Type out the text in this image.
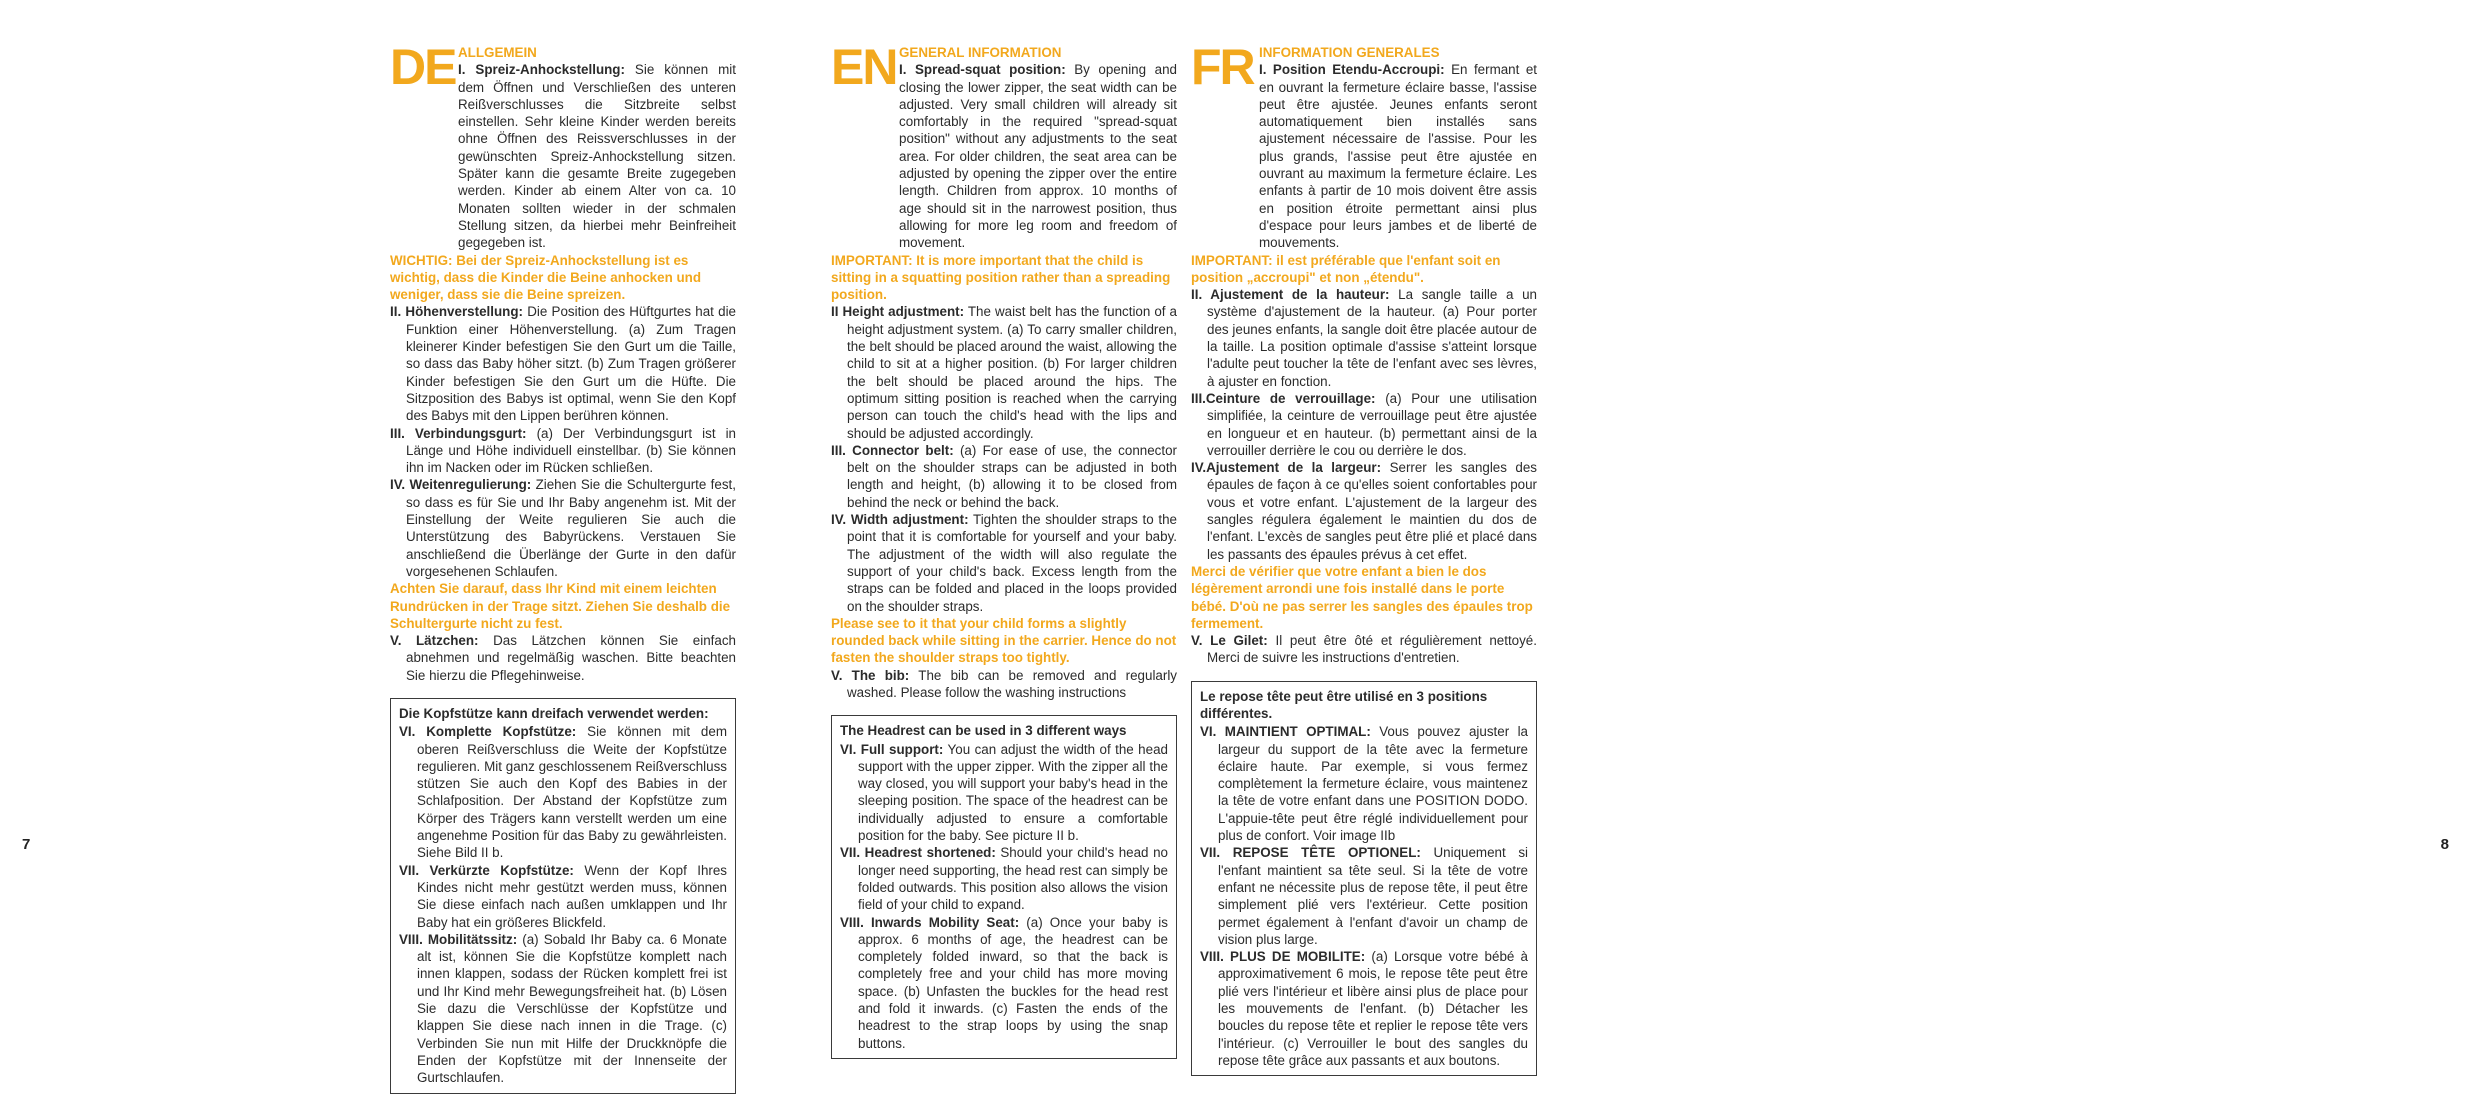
DE ALLGEMEIN

I. Spreiz-Anhockstellung: Sie können mit dem Öffnen und Verschließen des unteren Reißverschlusses die Sitzbreite selbst einstellen. Sehr kleine Kinder werden bereits ohne Öffnen des Reissverschlusses in der gewünschten Spreiz-Anhockstellung sitzen. Später kann die gesamte Breite zugegeben werden. Kinder ab einem Alter von ca. 10 Monaten sollten wieder in der schmalen Stellung sitzen, da hierbei mehr Beinfreiheit gegegeben ist.

WICHTIG: Bei der Spreiz-Anhockstellung ist es wichtig, dass die Kinder die Beine anhocken und weniger, dass sie die Beine spreizen.

II. Höhenverstellung: Die Position des Hüftgurtes hat die Funktion einer Höhenverstellung. (a) Zum Tragen kleinerer Kinder befestigen Sie den Gurt um die Taille, so dass das Baby höher sitzt. (b) Zum Tragen größerer Kinder befestigen Sie den Gurt um die Hüfte. Die Sitzposition des Babys ist optimal, wenn Sie den Kopf des Babys mit den Lippen berühren können.

III. Verbindungsgurt: (a) Der Verbindungsgurt ist in Länge und Höhe individuell einstellbar. (b) Sie können ihn im Nacken oder im Rücken schließen.

IV. Weitenregulierung: Ziehen Sie die Schultergurte fest, so dass es für Sie und Ihr Baby angenehm ist. Mit der Einstellung der Weite regulieren Sie auch die Unterstützung des Babyrückens. Verstauen Sie anschließend die Überlänge der Gurte in den dafür vorgesehenen Schlaufen.

Achten Sie darauf, dass Ihr Kind mit einem leichten Rundrücken in der Trage sitzt. Ziehen Sie deshalb die Schultergurte nicht zu fest.

V. Lätzchen: Das Lätzchen können Sie einfach abnehmen und regelmäßig waschen. Bitte beachten Sie hierzu die Pflegehinweise.

Die Kopfstütze kann dreifach verwendet werden:

VI. Komplette Kopfstütze: Sie können mit dem oberen Reißverschluss die Weite der Kopfstütze regulieren. Mit ganz geschlossenem Reißverschluss stützen Sie auch den Kopf des Babies in der Schlafposition. Der Abstand der Kopfstütze zum Körper des Trägers kann verstellt werden um eine angenehme Position für das Baby zu gewährleisten. Siehe Bild II b.

VII. Verkürzte Kopfstütze: Wenn der Kopf Ihres Kindes nicht mehr gestützt werden muss, können Sie diese einfach nach außen umklappen und Ihr Baby hat ein größeres Blickfeld.

VIII. Mobilitätssitz: (a) Sobald Ihr Baby ca. 6 Monate alt ist, können Sie die Kopfstütze komplett nach innen klappen, sodass der Rücken komplett frei ist und Ihr Kind mehr Bewegungsfreiheit hat. (b) Lösen Sie dazu die Verschlüsse der Kopfstütze und klappen Sie diese nach innen in die Trage. (c) Verbinden Sie nun mit Hilfe der Druckknöpfe die Enden der Kopfstütze mit der Innenseite der Gurtschlaufen.

EN GENERAL INFORMATION

I. Spread-squat position: By opening and closing the lower zipper, the seat width can be adjusted. Very small children will already sit comfortably in the required "spread-squat position" without any adjustments to the seat area. For older children, the seat area can be adjusted by opening the zipper over the entire length. Children from approx. 10 months of age should sit in the narrowest position, thus allowing for more leg room and freedom of movement.

IMPORTANT: It is more important that the child is sitting in a squatting position rather than a spreading position.

II Height adjustment: The waist belt has the function of a height adjustment system. (a) To carry smaller children, the belt should be placed around the waist, allowing the child to sit at a higher position. (b) For larger children the belt should be placed around the hips. The optimum sitting position is reached when the carrying person can touch the child's head with the lips and should be adjusted accordingly.

III. Connector belt: (a) For ease of use, the connector belt on the shoulder straps can be adjusted in both length and height, (b) allowing it to be closed from behind the neck or behind the back.

IV. Width adjustment: Tighten the shoulder straps to the point that it is comfortable for yourself and your baby. The adjustment of the width will also regulate the support of your child's back. Excess length from the straps can be folded and placed in the loops provided on the shoulder straps.

Please see to it that your child forms a slightly rounded back while sitting in the carrier. Hence do not fasten the shoulder straps too tightly.

V. The bib: The bib can be removed and regularly washed. Please follow the washing instructions

The Headrest can be used in 3 different ways

VI. Full support: You can adjust the width of the head support with the upper zipper. With the zipper all the way closed, you will support your baby's head in the sleeping position. The space of the headrest can be individually adjusted to ensure a comfortable position for the baby. See picture II b.

VII. Headrest shortened: Should your child's head no longer need supporting, the head rest can simply be folded outwards. This position also allows the vision field of your child to expand.

VIII. Inwards Mobility Seat: (a) Once your baby is approx. 6 months of age, the headrest can be completely folded inward, so that the back is completely free and your child has more moving space. (b) Unfasten the buckles for the head rest and fold it inwards. (c) Fasten the ends of the headrest to the strap loops by using the snap buttons.

FR INFORMATION GENERALES

I. Position Etendu-Accroupi: En fermant et en ouvrant la fermeture éclaire basse, l'assise peut être ajustée. Jeunes enfants seront automatiquement bien installés sans ajustement nécessaire de l'assise. Pour les plus grands, l'assise peut être ajustée en ouvrant au maximum la fermeture éclaire. Les enfants à partir de 10 mois doivent être assis en position étroite permettant ainsi plus d'espace pour leurs jambes et de liberté de mouvements.

IMPORTANT: il est préférable que l'enfant soit en position „accroupi" et non „étendu".

II. Ajustement de la hauteur: La sangle taille a un système d'ajustement de la hauteur. (a) Pour porter des jeunes enfants, la sangle doit être placée autour de la taille. La position optimale d'assise s'atteint lorsque l'adulte peut toucher la tête de l'enfant avec ses lèvres, à ajuster en fonction.

III.Ceinture de verrouillage: (a) Pour une utilisation simplifiée, la ceinture de verrouillage peut être ajustée en longueur et en hauteur. (b) permettant ainsi de la verrouiller derrière le cou ou derrière le dos.

IV.Ajustement de la largeur: Serrer les sangles des épaules de façon à ce qu'elles soient confortables pour vous et votre enfant. L'ajustement de la largeur des sangles régulera également le maintien du dos de l'enfant. L'excès de sangles peut être plié et placé dans les passants des épaules prévus à cet effet.

Merci de vérifier que votre enfant a bien le dos légèrement arrondi une fois installé dans le porte bébé. D'où ne pas serrer les sangles des épaules trop fermement.

V. Le Gilet: Il peut être ôté et régulièrement nettoyé. Merci de suivre les instructions d'entretien.

Le repose tête peut être utilisé en 3 positions différentes.

VI. MAINTIENT OPTIMAL: Vous pouvez ajuster la largeur du support de la tête avec la fermeture éclaire haute. Par exemple, si vous fermez complètement la fermeture éclaire, vous maintenez la tête de votre enfant dans une POSITION DODO. L'appuie-tête peut être réglé individuellement pour plus de confort. Voir image IIb

VII. REPOSE TÊTE OPTIONEL: Uniquement si l'enfant maintient sa tête seul. Si la tête de votre enfant ne nécessite plus de repose tête, il peut être simplement plié vers l'extérieur. Cette position permet également à l'enfant d'avoir un champ de vision plus large.

VIII. PLUS DE MOBILITE: (a) Lorsque votre bébé à approximativement 6 mois, le repose tête peut être plié vers l'intérieur et libère ainsi plus de place pour les mouvements de l'enfant. (b) Détacher les boucles du repose tête et replier le repose tête vers l'intérieur. (c) Verrouiller le bout des sangles du repose tête grâce aux passants et aux boutons.

7	8
